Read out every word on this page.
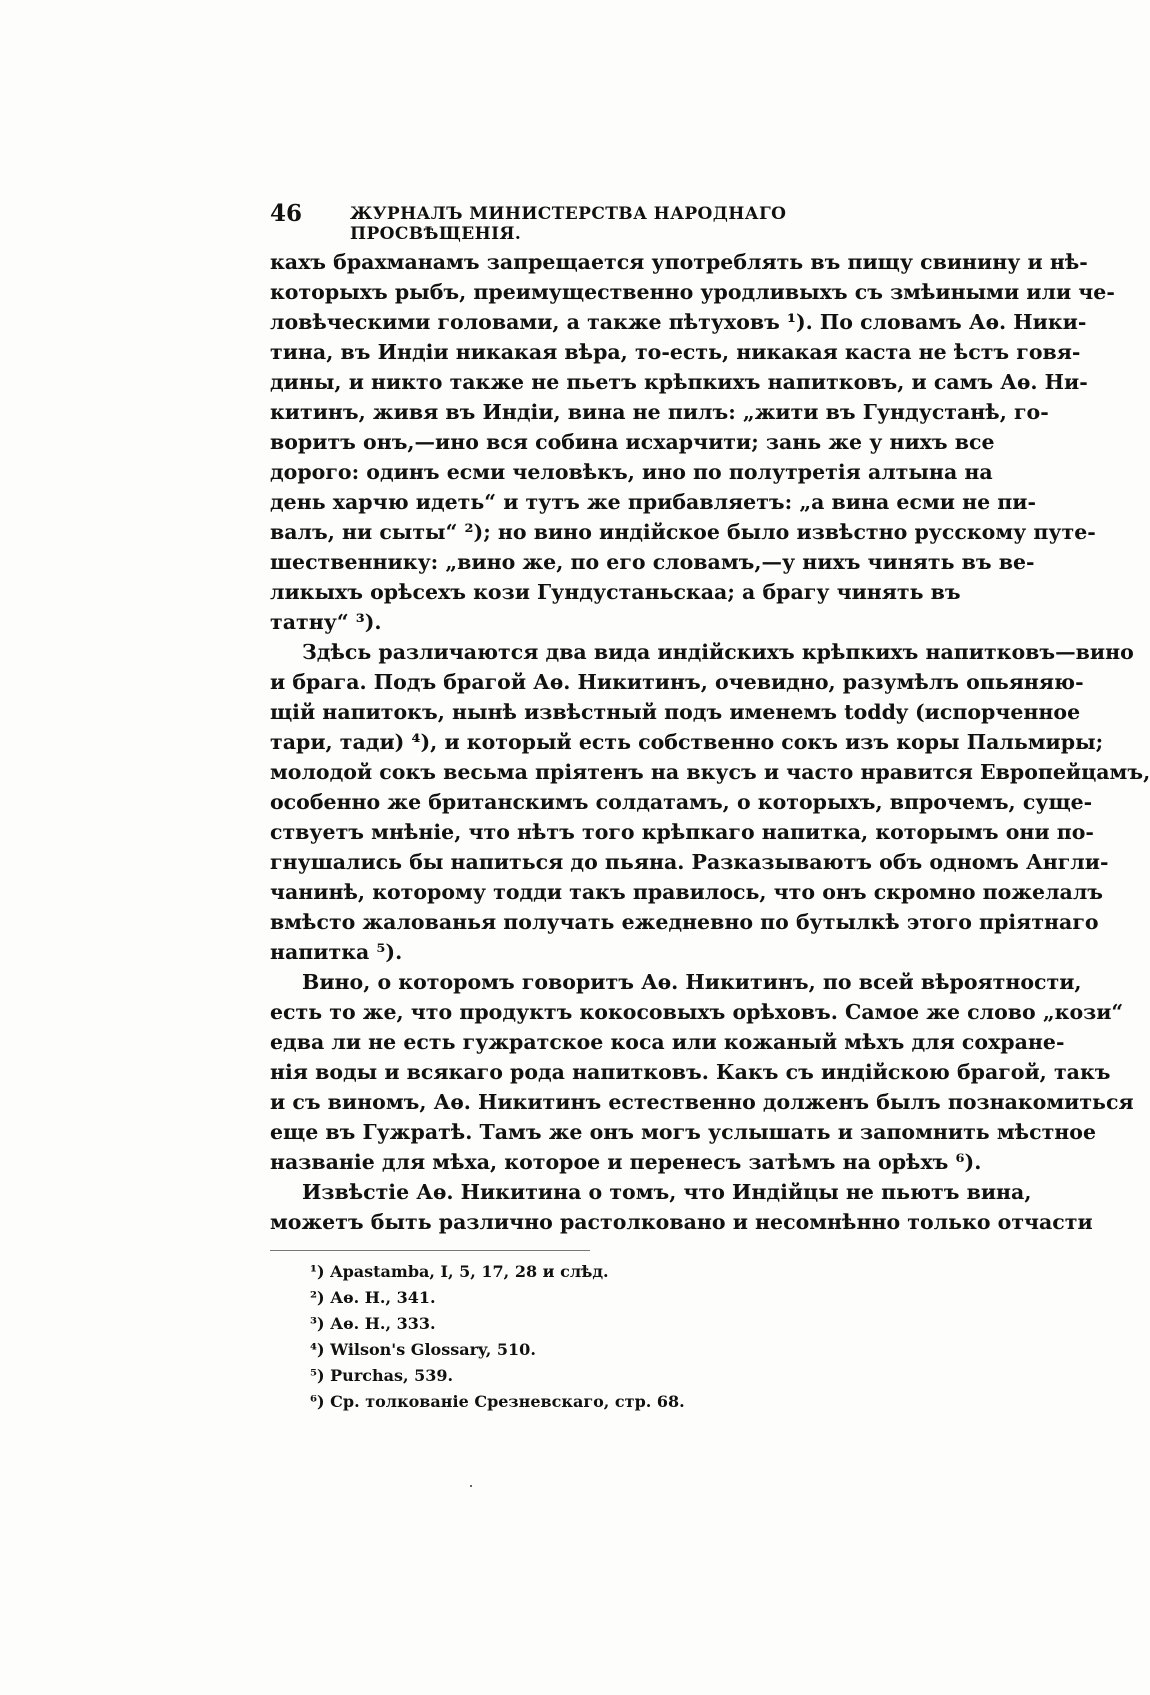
46	ЖУРНАЛЪ МИНИСТЕРСТВА НАРОДНАГО ПРОСВѢЩЕНІЯ.
кахъ брахманамъ запрещается употреблять въ пищу свинину и нѣ-
которыхъ рыбъ, преимущественно уродливыхъ съ змѣиными или че-
ловѣческими головами, а также пѣтуховъ ¹). По словамъ Аѳ. Ники-
тина, въ Индіи никакая вѣра, то-есть, никакая каста не ѣстъ говя-
дины, и никто также не пьетъ крѣпкихъ напитковъ, и самъ Аѳ. Ни-
китинъ, живя въ Индіи, вина не пилъ: „жити въ Гундустанѣ, го-
воритъ онъ,—ино вся собина исхарчити; зань же у нихъ все
дорого: одинъ есми человѣкъ, ино по полутретія алтына на
день харчю идеть“ и тутъ же прибавляетъ: „а вина есми не пи-
валъ, ни сыты“ ²); но вино индійское было извѣстно русскому путе-
шественнику: „вино же, по его словамъ,—у нихъ чинять въ ве-
ликыхъ орѣсехъ кози Гундустаньскаа; а брагу чинять въ
татну“ ³).
Здѣсь различаются два вида индійскихъ крѣпкихъ напитковъ—вино
и брага. Подъ брагой Аѳ. Никитинъ, очевидно, разумѣлъ опьяняю-
щій напитокъ, нынѣ извѣстный подъ именемъ toddy (испорченное
тари, тади) ⁴), и который есть собственно сокъ изъ коры Пальмиры;
молодой сокъ весьма пріятенъ на вкусъ и часто нравится Европейцамъ,
особенно же британскимъ солдатамъ, о которыхъ, впрочемъ, суще-
ствуетъ мнѣніе, что нѣтъ того крѣпкаго напитка, которымъ они по-
гнушались бы напиться до пьяна. Разказываютъ объ одномъ Англи-
чанинѣ, которому тодди такъ правилось, что онъ скромно пожелалъ
вмѣсто жалованья получать ежедневно по бутылкѣ этого пріятнаго
напитка ⁵).
Вино, о которомъ говоритъ Аѳ. Никитинъ, по всей вѣроятности,
есть то же, что продуктъ кокосовыхъ орѣховъ. Самое же слово „кози“
едва ли не есть гужратское коса или кожаный мѣхъ для сохране-
нія воды и всякаго рода напитковъ. Какъ съ индійскою брагой, такъ
и съ виномъ, Аѳ. Никитинъ естественно долженъ былъ познакомиться
еще въ Гужратѣ. Тамъ же онъ могъ услышать и запомнить мѣстное
названіе для мѣха, которое и перенесъ затѣмъ на орѣхъ ⁶).
Извѣстіе Аѳ. Никитина о томъ, что Индійцы не пьютъ вина,
можетъ быть различно растолковано и несомнѣнно только отчасти
¹) Apastamba, I, 5, 17, 28 и слѣд.
²) Аѳ. Н., 341.
³) Аѳ. Н., 333.
⁴) Wilson's Glossary, 510.
⁵) Purchas, 539.
⁶) Ср. толкованіе Срезневскаго, стр. 68.
